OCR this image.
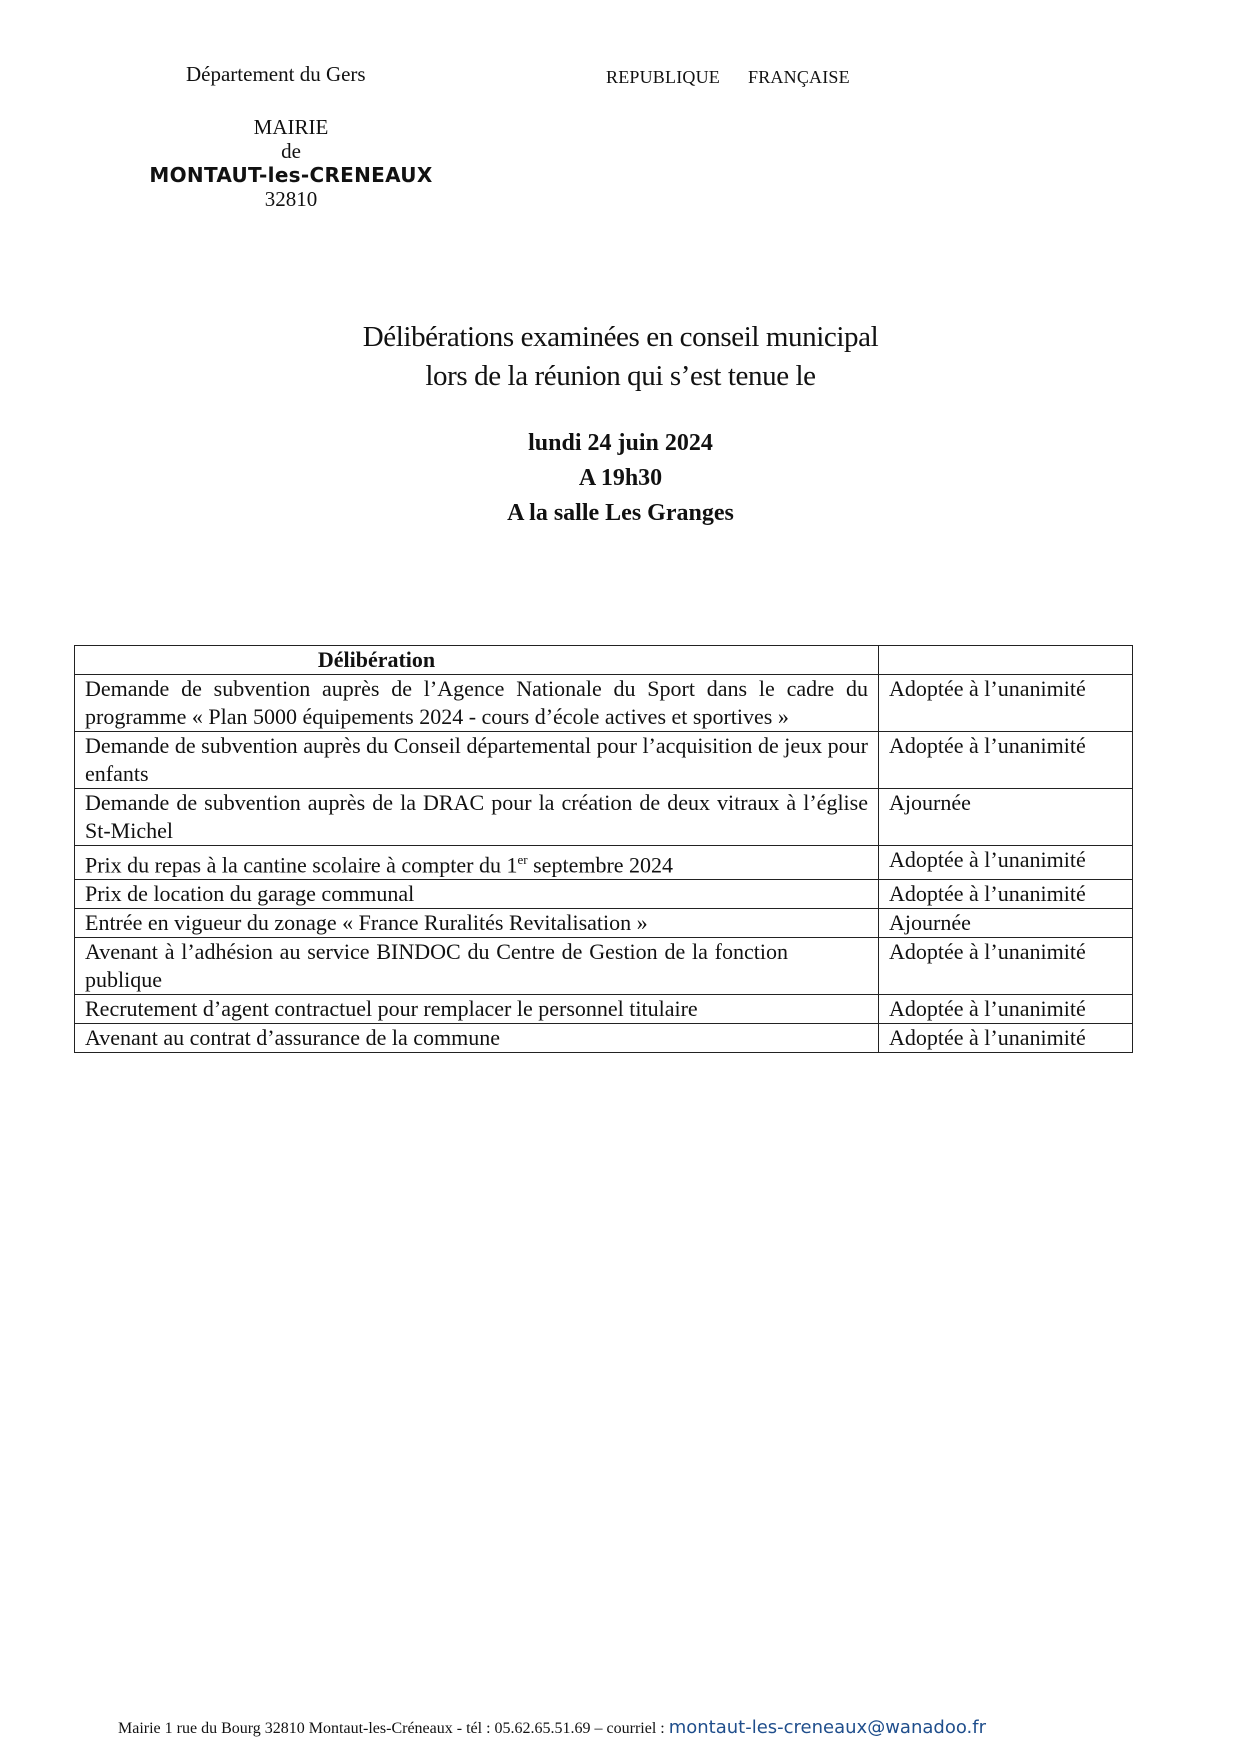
Département du Gers	REPUBLIQUE FRANÇAISE
MAIRIE
de
MONTAUT-les-CRENEAUX
32810
Délibérations examinées en conseil municipal
lors de la réunion qui s’est tenue le
lundi 24 juin 2024
A 19h30
A la salle Les Granges
Délibération	
Demande de subvention auprès de l’Agence Nationale du Sport dans le cadre du programme « Plan 5000 équipements 2024 - cours d’école actives et sportives »	Adoptée à l’unanimité
Demande de subvention auprès du Conseil départemental pour l’acquisition de jeux pour enfants	Adoptée à l’unanimité
Demande de subvention auprès de la DRAC pour la création de deux vitraux à l’église St-Michel	Ajournée
Prix du repas à la cantine scolaire à compter du 1er septembre 2024	Adoptée à l’unanimité
Prix de location du garage communal	Adoptée à l’unanimité
Entrée en vigueur du zonage « France Ruralités Revitalisation »	Ajournée
Avenant à l’adhésion au service BINDOC du Centre de Gestion de la fonction publique	Adoptée à l’unanimité
Recrutement d’agent contractuel pour remplacer le personnel titulaire	Adoptée à l’unanimité
Avenant au contrat d’assurance de la commune	Adoptée à l’unanimité
Mairie 1 rue du Bourg 32810 Montaut-les-Créneaux - tél : 05.62.65.51.69 – courriel : montaut-les-creneaux@wanadoo.fr
